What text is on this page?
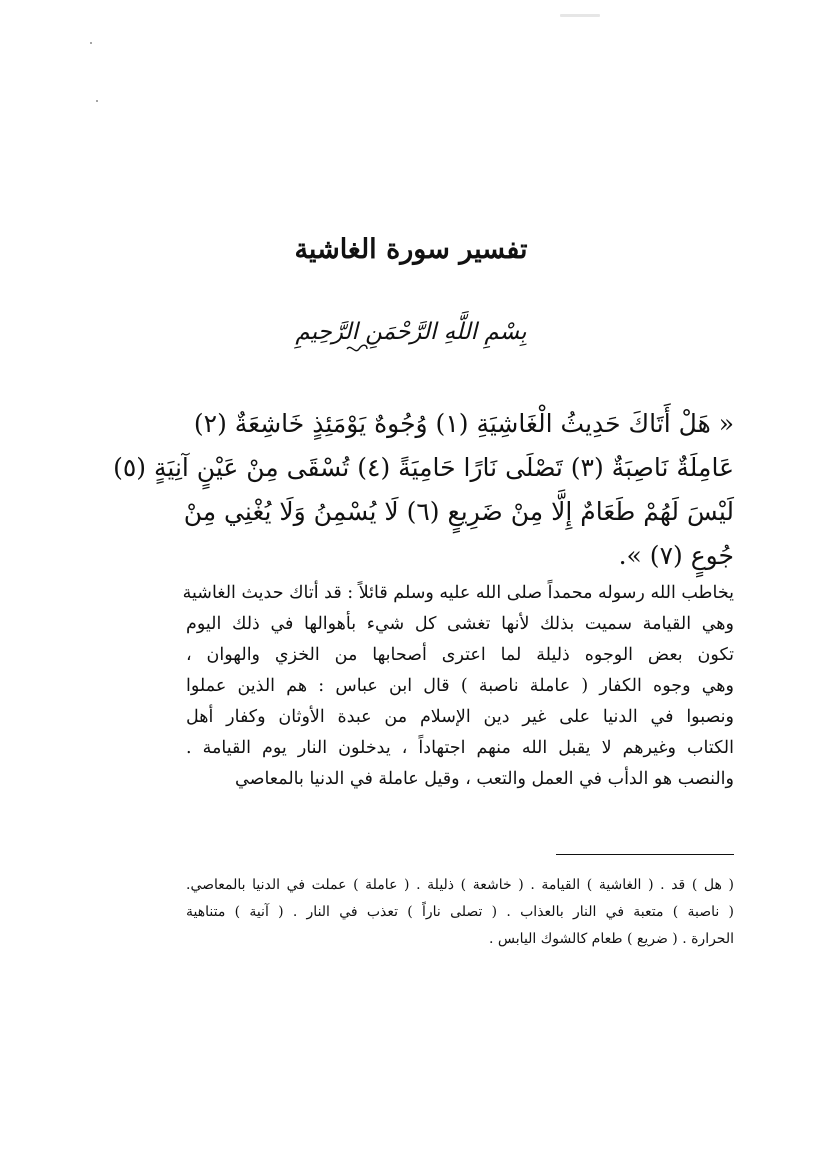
تفسير سورة الغاشية
بِسْمِ اللَّهِ الرَّحْمَنِ الرَّحِيمِ
« هَلْ أَتَاكَ حَدِيثُ الْغَاشِيَةِ (١) وُجُوهٌ يَوْمَئِذٍ خَاشِعَةٌ (٢)
عَامِلَةٌ نَاصِبَةٌ (٣) تَصْلَى نَارًا حَامِيَةً (٤) تُسْقَى مِنْ عَيْنٍ آنِيَةٍ (٥)
لَيْسَ لَهُمْ طَعَامٌ إِلَّا مِنْ ضَرِيعٍ (٦) لَا يُسْمِنُ وَلَا يُغْنِي مِنْ
جُوعٍ (٧) ».
يخاطب الله رسوله محمداً صلى الله عليه وسلم قائلاً : قد أتاك حديث الغاشية
وهي القيامة سميت بذلك لأنها تغشى كل شيء بأهوالها في ذلك اليوم
تكون بعض الوجوه ذليلة لما اعترى أصحابها من الخزي والهوان ،
وهي وجوه الكفار ( عاملة ناصبة ) قال ابن عباس : هم الذين عملوا
ونصبوا في الدنيا على غير دين الإسلام من عبدة الأوثان وكفار أهل
الكتاب وغيرهم لا يقبل الله منهم اجتهاداً ، يدخلون النار يوم القيامة .
والنصب هو الدأب في العمل والتعب ، وقيل عاملة في الدنيا بالمعاصي
( هل ) قد . ( الغاشية ) القيامة . ( خاشعة ) ذليلة . ( عاملة ) عملت في الدنيا بالمعاصي.
( ناصبة ) متعبة في النار بالعذاب . ( تصلى ناراً ) تعذب في النار . ( آنية ) متناهية
الحرارة . ( ضريع ) طعام كالشوك اليابس .
